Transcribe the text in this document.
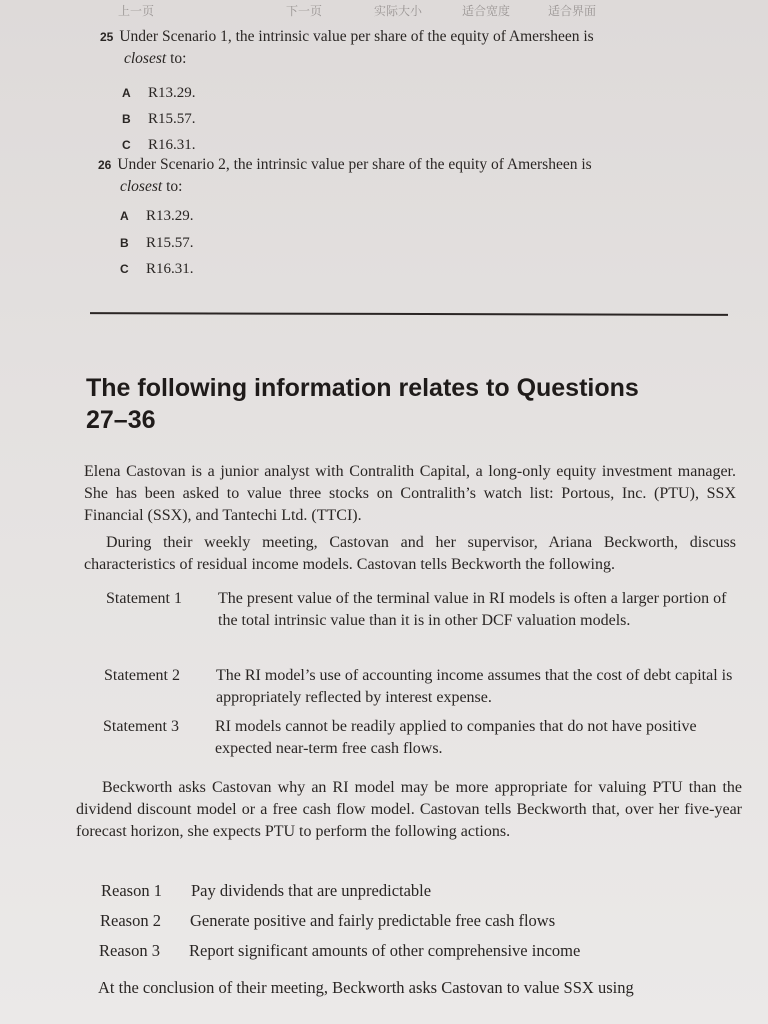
上一页	下一页	实际大小	适合宽度	适合界面
25 Under Scenario 1, the intrinsic value per share of the equity of Amersheen is
closest to:
A R13.29.
B R15.57.
C R16.31.
26 Under Scenario 2, the intrinsic value per share of the equity of Amersheen is
closest to:
A R13.29.
B R15.57.
C R16.31.
The following information relates to Questions
27–36
Elena Castovan is a junior analyst with Contralith Capital, a long-only equity investment manager. She has been asked to value three stocks on Contralith’s watch list: Portous, Inc. (PTU), SSX Financial (SSX), and Tantechi Ltd. (TTCI).
During their weekly meeting, Castovan and her supervisor, Ariana Beckworth, discuss characteristics of residual income models. Castovan tells Beckworth the following.
Statement 1 The present value of the terminal value in RI models is often a larger portion of the total intrinsic value than it is in other DCF valuation models.
Statement 2 The RI model’s use of accounting income assumes that the cost of debt capital is appropriately reflected by interest expense.
Statement 3 RI models cannot be readily applied to companies that do not have positive expected near-term free cash flows.
Beckworth asks Castovan why an RI model may be more appropriate for valuing PTU than the dividend discount model or a free cash flow model. Castovan tells Beckworth that, over her five-year forecast horizon, she expects PTU to perform the following actions.
Reason 1 Pay dividends that are unpredictable
Reason 2 Generate positive and fairly predictable free cash flows
Reason 3 Report significant amounts of other comprehensive income
At the conclusion of their meeting, Beckworth asks Castovan to value SSX using
